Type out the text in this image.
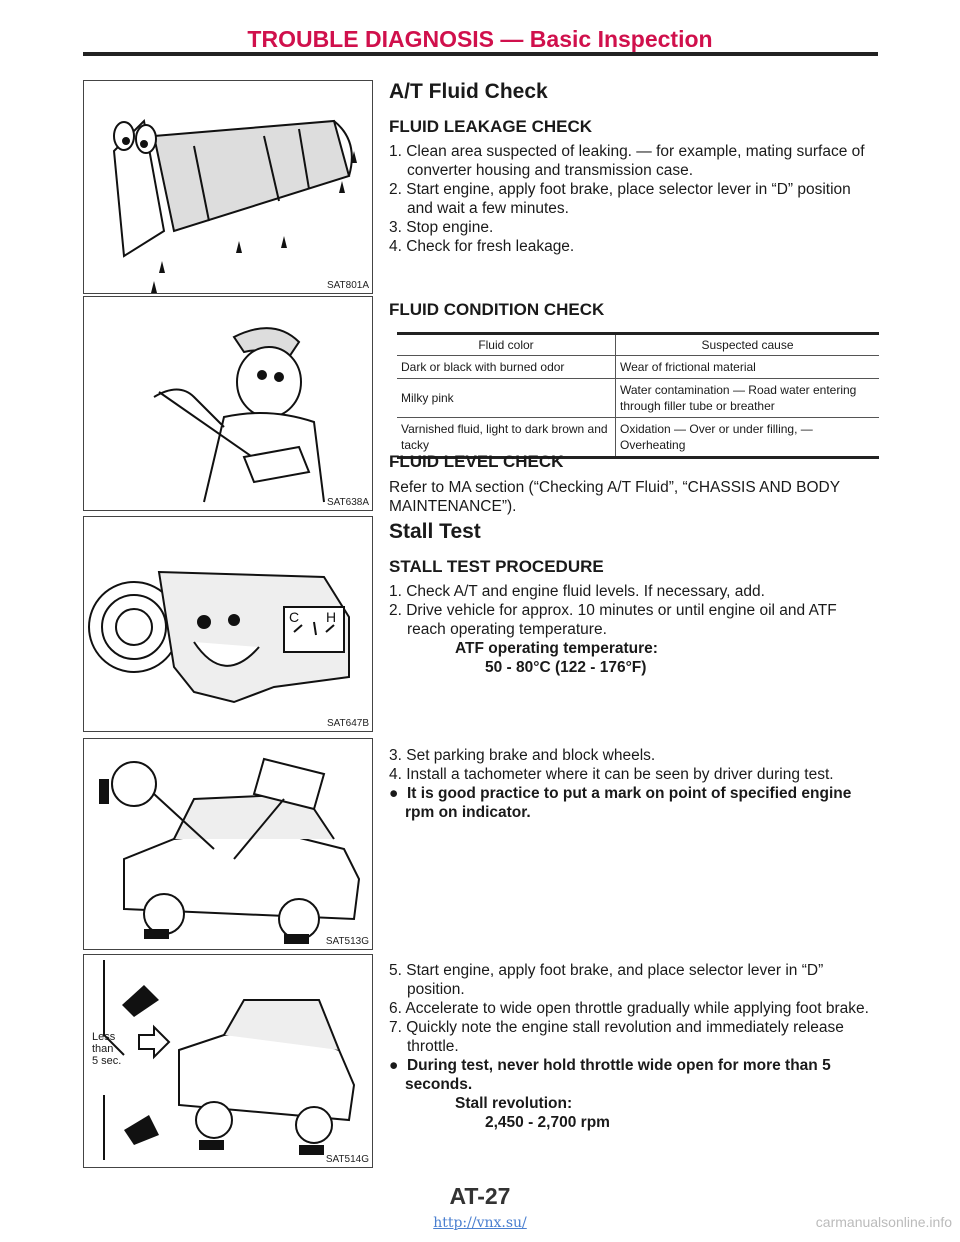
TROUBLE DIAGNOSIS — Basic Inspection
SAT801A
SAT638A
C H
SAT647B
SAT513G
Less
than
5 sec.
SAT514G
A/T Fluid Check
FLUID LEAKAGE CHECK
1. Clean area suspected of leaking. — for example, mating surface of converter housing and transmission case.
2. Start engine, apply foot brake, place selector lever in “D” position and wait a few minutes.
3. Stop engine.
4. Check for fresh leakage.
FLUID CONDITION CHECK
Fluid color	Suspected cause
Dark or black with burned odor	Wear of frictional material
Milky pink	Water contamination — Road water entering through filler tube or breather
Varnished fluid, light to dark brown and tacky	Oxidation — Over or under filling, — Overheating
FLUID LEVEL CHECK
Refer to MA section (“Checking A/T Fluid”, “CHASSIS AND BODY MAINTENANCE”).
Stall Test
STALL TEST PROCEDURE
1. Check A/T and engine fluid levels. If necessary, add.
2. Drive vehicle for approx. 10 minutes or until engine oil and ATF reach operating temperature.
ATF operating temperature:
50 - 80°C (122 - 176°F)
3. Set parking brake and block wheels.
4. Install a tachometer where it can be seen by driver during test.
●  It is good practice to put a mark on point of specified engine rpm on indicator.
5. Start engine, apply foot brake, and place selector lever in “D” position.
6. Accelerate to wide open throttle gradually while applying foot brake.
7. Quickly note the engine stall revolution and immediately release throttle.
●  During test, never hold throttle wide open for more than 5 seconds.
Stall revolution:
2,450 - 2,700 rpm
AT-27
http://vnx.su/	carmanualsonline.info
